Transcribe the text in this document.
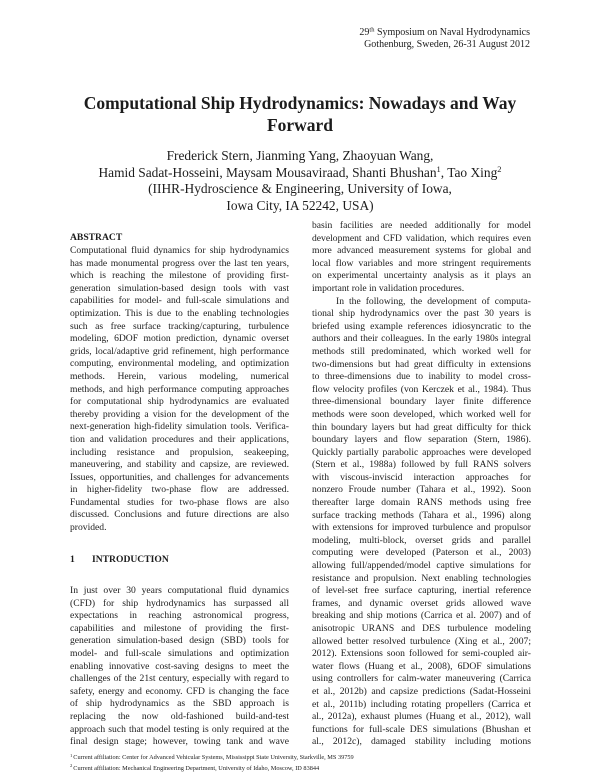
29th Symposium on Naval Hydrodynamics
Gothenburg, Sweden, 26-31 August 2012
Computational Ship Hydrodynamics: Nowadays and Way
Forward
Frederick Stern, Jianming Yang, Zhaoyuan Wang,
Hamid Sadat-Hosseini, Maysam Mousaviraad, Shanti Bhushan$^1$, Tao Xing$^2$
(IIHR-Hydroscience & Engineering, University of Iowa,
Iowa City, IA 52242, USA)
ABSTRACT
Computational fluid dynamics for ship hydrodynamics
has made monumental progress over the last ten years,
which is reaching the milestone of providing first-
generation simulation-based design tools with vast
capabilities for model- and full-scale simulations and
optimization. This is due to the enabling technologies
such as free surface tracking/capturing, turbulence
modeling, 6DOF motion prediction, dynamic overset
grids, local/adaptive grid refinement, high performance
computing, environmental modeling, and optimization
methods. Herein, various modeling, numerical
methods, and high performance computing approaches
for computational ship hydrodynamics are evaluated
thereby providing a vision for the development of the
next-generation high-fidelity simulation tools. Verifica-
tion and validation procedures and their applications,
including resistance and propulsion, seakeeping,
maneuvering, and stability and capsize, are reviewed.
Issues, opportunities, and challenges for advancements
in higher-fidelity two-phase flow are addressed.
Fundamental studies for two-phase flows are also
discussed. Conclusions and future directions are also
provided.
1 INTRODUCTION
In just over 30 years computational fluid dynamics
(CFD) for ship hydrodynamics has surpassed all
expectations in reaching astronomical progress,
capabilities and milestone of providing the first-
generation simulation-based design (SBD) tools for
model- and full-scale simulations and optimization
enabling innovative cost-saving designs to meet the
challenges of the 21st century, especially with regard to
safety, energy and economy. CFD is changing the face
of ship hydrodynamics as the SBD approach is
replacing the now old-fashioned build-and-test
approach such that model testing is only required at the
final design stage; however, towing tank and wave
basin facilities are needed additionally for model
development and CFD validation, which requires even
more advanced measurement systems for global and
local flow variables and more stringent requirements
on experimental uncertainty analysis as it plays an
important role in validation procedures.
In the following, the development of computa-
tional ship hydrodynamics over the past 30 years is
briefed using example references idiosyncratic to the
authors and their colleagues. In the early 1980s integral
methods still predominated, which worked well for
two-dimensions but had great difficulty in extensions
to three-dimensions due to inability to model cross-
flow velocity profiles (von Kerczek et al., 1984). Thus
three-dimensional boundary layer finite difference
methods were soon developed, which worked well for
thin boundary layers but had great difficulty for thick
boundary layers and flow separation (Stern, 1986).
Quickly partially parabolic approaches were developed
(Stern et al., 1988a) followed by full RANS solvers
with viscous-inviscid interaction approaches for
nonzero Froude number (Tahara et al., 1992). Soon
thereafter large domain RANS methods using free
surface tracking methods (Tahara et al., 1996) along
with extensions for improved turbulence and propulsor
modeling, multi-block, overset grids and parallel
computing were developed (Paterson et al., 2003)
allowing full/appended/model captive simulations for
resistance and propulsion. Next enabling technologies
of level-set free surface capturing, inertial reference
frames, and dynamic overset grids allowed wave
breaking and ship motions (Carrica et al. 2007) and of
anisotropic URANS and DES turbulence modeling
allowed better resolved turbulence (Xing et al., 2007;
2012). Extensions soon followed for semi-coupled air-
water flows (Huang et al., 2008), 6DOF simulations
using controllers for calm-water maneuvering (Carrica
et al., 2012b) and capsize predictions (Sadat-Hosseini
et al., 2011b) including rotating propellers (Carrica et
al., 2012a), exhaust plumes (Huang et al., 2012), wall
functions for full-scale DES simulations (Bhushan et
al., 2012c), damaged stability including motions
$^1$Current affiliation: Center for Advanced Vehicular Systems, Mississippi State University, Starkville, MS 39759
$^2$Current affiliation: Mechanical Engineering Department, University of Idaho, Moscow, ID 83844
